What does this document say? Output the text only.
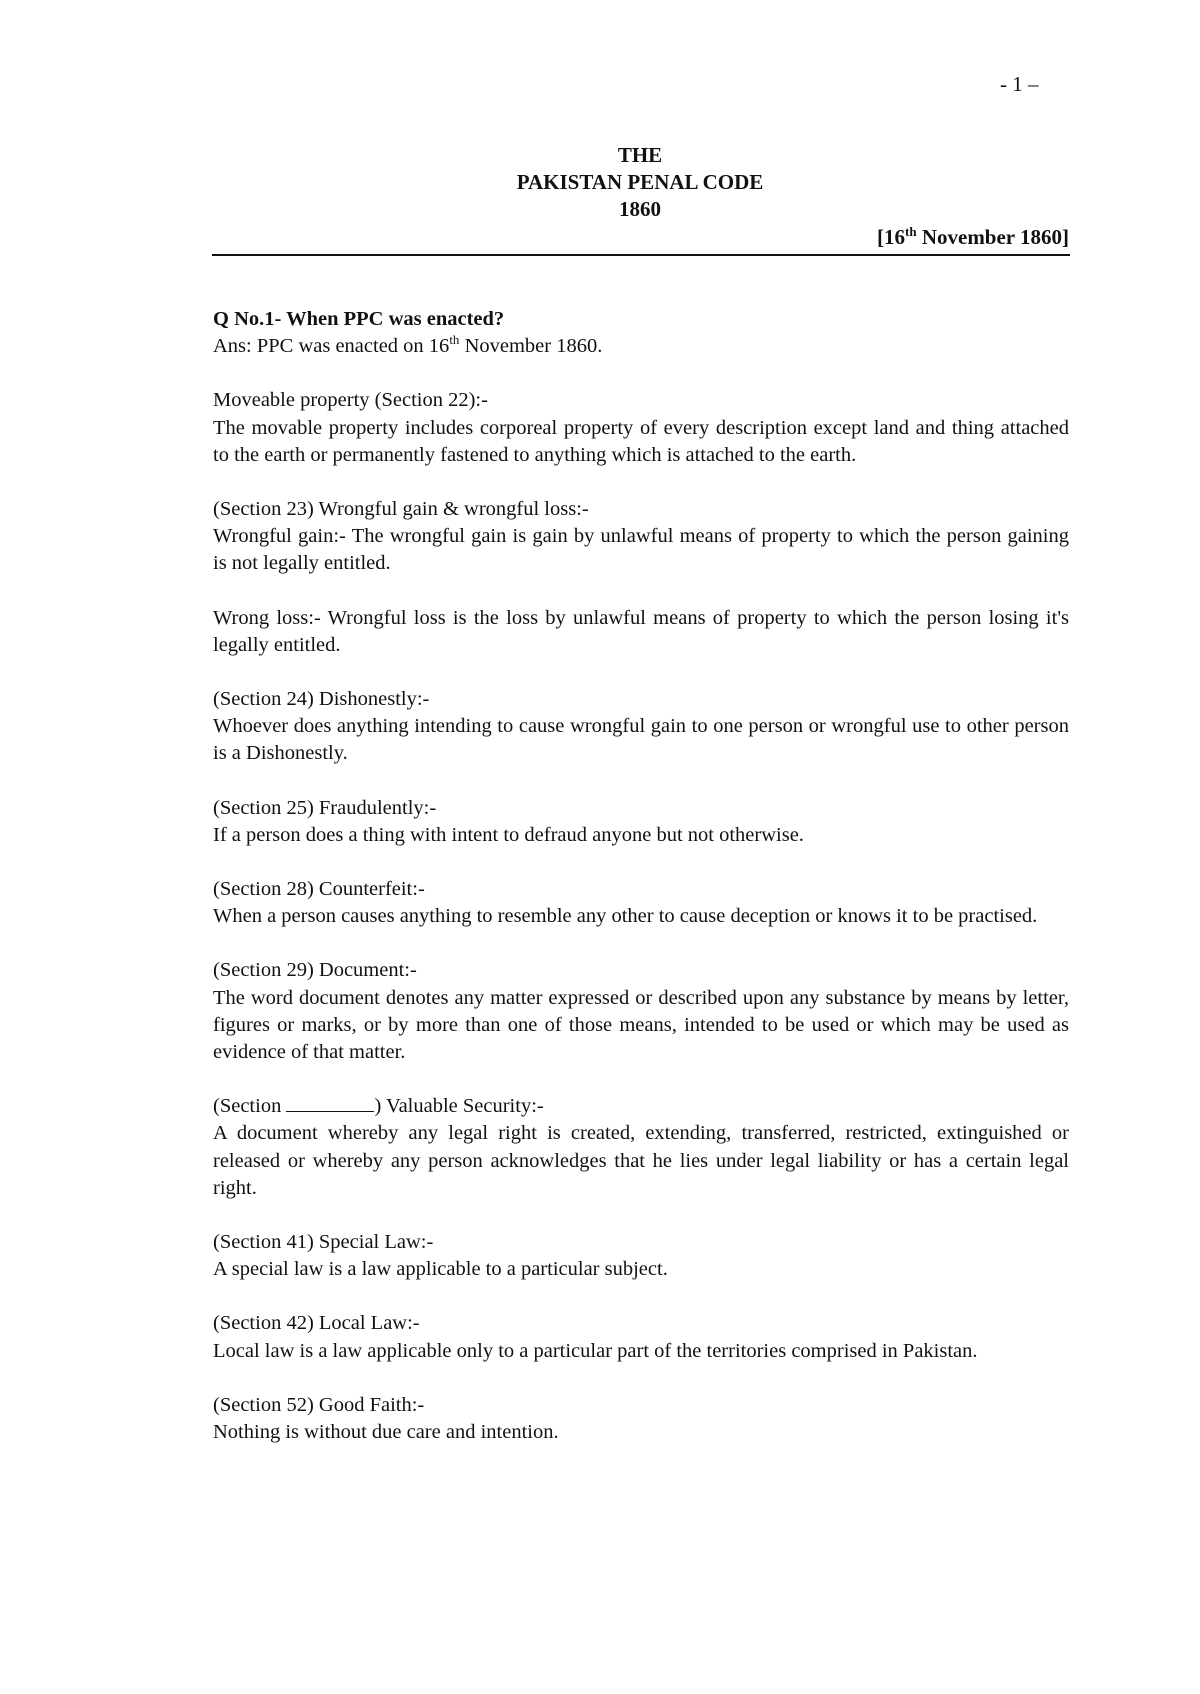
- 1 –

THE

PAKISTAN PENAL CODE

1860

[16th November 1860]

Q No.1- When PPC was enacted?

Ans: PPC was enacted on 16th November 1860.

Moveable property (Section 22):-

The movable property includes corporeal property of every description except land and thing attached to the earth or permanently fastened to anything which is attached to the earth.

(Section 23) Wrongful gain & wrongful loss:-

Wrongful gain:- The wrongful gain is gain by unlawful means of property to which the person gaining is not legally entitled.

Wrong loss:- Wrongful loss is the loss by unlawful means of property to which the person losing it's legally entitled.

(Section 24) Dishonestly:-

Whoever does anything intending to cause wrongful gain to one person or wrongful use to other person is a Dishonestly.

(Section 25) Fraudulently:-

If a person does a thing with intent to defraud anyone but not otherwise.

(Section 28) Counterfeit:-

When a person causes anything to resemble any other to cause deception or knows it to be practised.

(Section 29) Document:-

The word document denotes any matter expressed or described upon any substance by means by letter, figures or marks, or by more than one of those means, intended to be used or which may be used as evidence of that matter.

(Section	) Valuable Security:-

A document whereby any legal right is created, extending, transferred, restricted, extinguished or released or whereby any person acknowledges that he lies under legal liability or has a certain legal right.

(Section 41) Special Law:-

A special law is a law applicable to a particular subject.

(Section 42) Local Law:-

Local law is a law applicable only to a particular part of the territories comprised in Pakistan.

(Section 52) Good Faith:-

Nothing is without due care and intention.
